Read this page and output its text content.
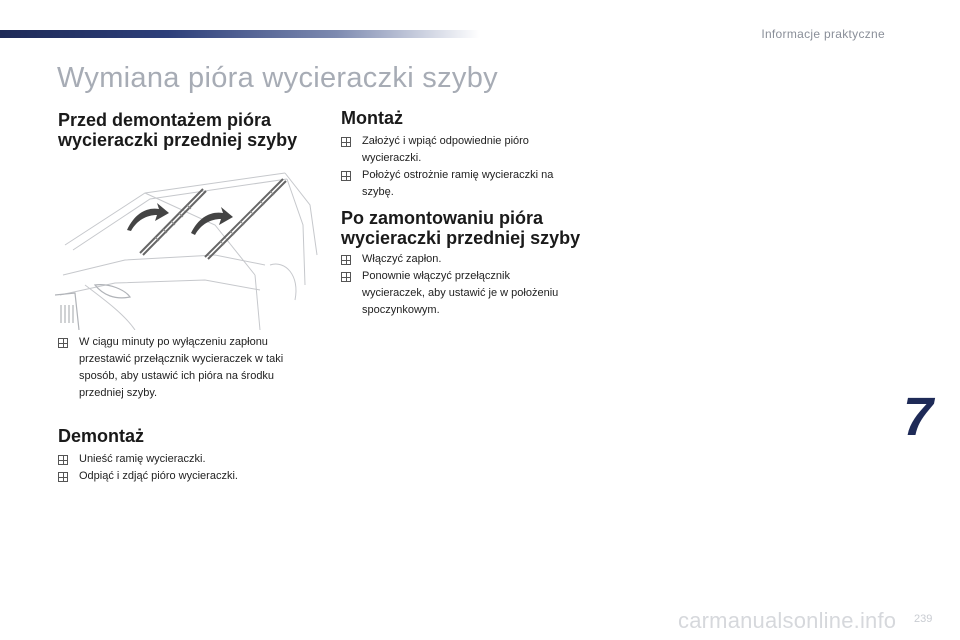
Informacje praktyczne
Wymiana pióra wycieraczki szyby
Przed demontażem pióra
wycieraczki przedniej szyby
W ciągu minuty po wyłączeniu zapłonu
przestawić przełącznik wycieraczek w taki
sposób, aby ustawić ich pióra na środku
przedniej szyby.
Demontaż
Unieść ramię wycieraczki.
Odpiąć i zdjąć pióro wycieraczki.
Montaż
Założyć i wpiąć odpowiednie pióro
wycieraczki.
Położyć ostrożnie ramię wycieraczki na
szybę.
Po zamontowaniu pióra
wycieraczki przedniej szyby
Włączyć zapłon.
Ponownie włączyć przełącznik
wycieraczek, aby ustawić je w położeniu
spoczynkowym.
7
carmanualsonline.info 239
